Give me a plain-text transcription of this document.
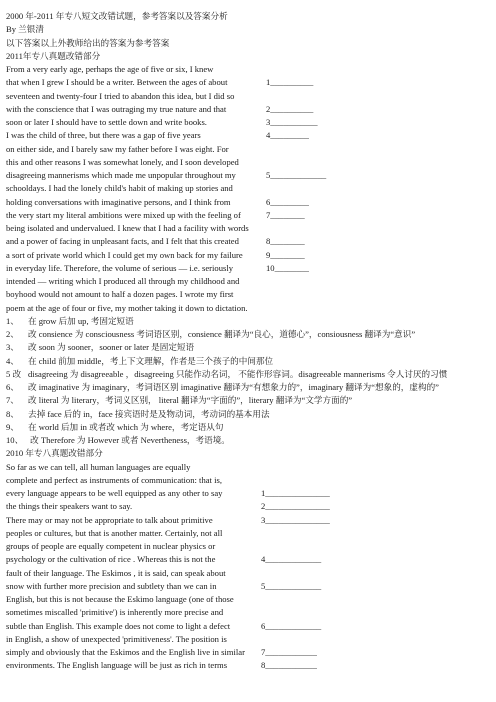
2000 年-2011 年专八短文改错试题，参考答案以及答案分析
By 兰银清
以下答案以上外教师给出的答案为参考答案
2011年专八真题改错部分
From a very early age, perhaps the age of five or six, I knew
that when I grew I should be a writer. Between the ages of about	1__________
seventeen and twenty-four I tried to abandon this idea, but I did so
with the conscience that I was outraging my true nature and that	2__________
soon or later I should have to settle down and write books.	3___________
I was the child of three, but there was a gap of five years	4_________
on either side, and I barely saw my father before I was eight. For
this and other reasons I was somewhat lonely, and I soon developed
disagreeing mannerisms which made me unpopular throughout my	5_____________
schooldays. I had the lonely child's habit of making up stories and
holding conversations with imaginative persons, and I think from	6_________
the very start my literal ambitions were mixed up with the feeling of	7________
being isolated and undervalued. I knew that I had a facility with words
and a power of facing in unpleasant facts, and I felt that this created	8________
a sort of private world which I could get my own back for my failure	9________
in everyday life. Therefore, the volume of serious — i.e. seriously	10________
intended — writing which I produced all through my childhood and
boyhood would not amount to half a dozen pages. I wrote my first
poem at the age of four or five, my mother taking it down to dictation.
1、 在 grow 后加 up, 考固定短语
2、 改 consience 为 consciousness 考词语区别，consience 翻译为“良心，道德心”，consiousness 翻译为“意识”
3、 改 soon 为 sooner，sooner or later 是固定短语
4、 在 child 前加 middle，考上下文理解，作者是三个孩子的中间那位
5 改 disagreeing 为 disagreeable ，disagreeing 只能作动名词， 不能作形容词。disagreeable mannerisms 令人讨厌的习惯
6、 改 imaginative 为 imaginary，考词语区别 imaginative 翻译为“有想象力的”，imaginary 翻译为“想象的，虚构的”
7、 改 literal 为 literary，考词义区别， literal 翻译为“字面的”，literary 翻译为“文学方面的”
8、 去掉 face 后的 in，face 接宾语时是及物动词，考动词的基本用法
9、 在 world 后加 in 或者改 which 为 where，考定语从句
10、 改 Therefore 为 However 或者 Nevertheness，考语境。
2010 年专八真题改错部分
So far as we can tell, all human languages are equally
complete and perfect as instruments of communication: that is,
every language appears to be well equipped as any other to say	1_______________
the things their speakers want to say.	2_______________
There may or may not be appropriate to talk about primitive	3_______________
peoples or cultures, but that is another matter. Certainly, not all
groups of people are equally competent in nuclear physics or
psychology or the cultivation of rice . Whereas this is not the	4_____________
fault of their language. The Eskimos , it is said, can speak about
snow with further more precision and subtlety than we can in	5_____________
English, but this is not because the Eskimo language (one of those
sometimes miscalled 'primitive') is inherently more precise and
subtle than English. This example does not come to light a defect	6_____________
in English, a show of unexpected 'primitiveness'. The position is
simply and obviously that the Eskimos and the English live in similar 7____________
environments. The English language will be just as rich in terms	8____________
